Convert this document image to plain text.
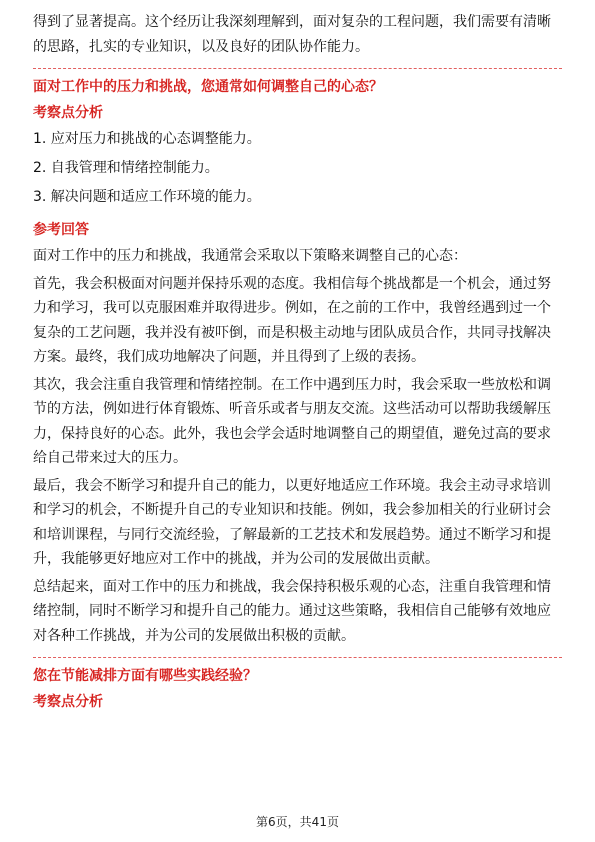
得到了显著提高。这个经历让我深刻理解到，面对复杂的工程问题，我们需要有清晰的思路，扎实的专业知识，以及良好的团队协作能力。

面对工作中的压力和挑战，您通常如何调整自己的心态？
考察点分析
1. 应对压力和挑战的心态调整能力。
2. 自我管理和情绪控制能力。
3. 解决问题和适应工作环境的能力。
参考回答

面对工作中的压力和挑战，我通常会采取以下策略来调整自己的心态：

首先，我会积极面对问题并保持乐观的态度。我相信每个挑战都是一个机会，通过努力和学习，我可以克服困难并取得进步。例如，在之前的工作中，我曾经遇到过一个复杂的工艺问题，我并没有被吓倒，而是积极主动地与团队成员合作，共同寻找解决方案。最终，我们成功地解决了问题，并且得到了上级的表扬。

其次，我会注重自我管理和情绪控制。在工作中遇到压力时，我会采取一些放松和调节的方法，例如进行体育锻炼、听音乐或者与朋友交流。这些活动可以帮助我缓解压力，保持良好的心态。此外，我也会学会适时地调整自己的期望值，避免过高的要求给自己带来过大的压力。

最后，我会不断学习和提升自己的能力，以更好地适应工作环境。我会主动寻求培训和学习的机会，不断提升自己的专业知识和技能。例如，我会参加相关的行业研讨会和培训课程，与同行交流经验，了解最新的工艺技术和发展趋势。通过不断学习和提升，我能够更好地应对工作中的挑战，并为公司的发展做出贡献。

总结起来，面对工作中的压力和挑战，我会保持积极乐观的心态，注重自我管理和情绪控制，同时不断学习和提升自己的能力。通过这些策略，我相信自己能够有效地应对各种工作挑战，并为公司的发展做出积极的贡献。

您在节能减排方面有哪些实践经验？
考察点分析
第6页，共41页
